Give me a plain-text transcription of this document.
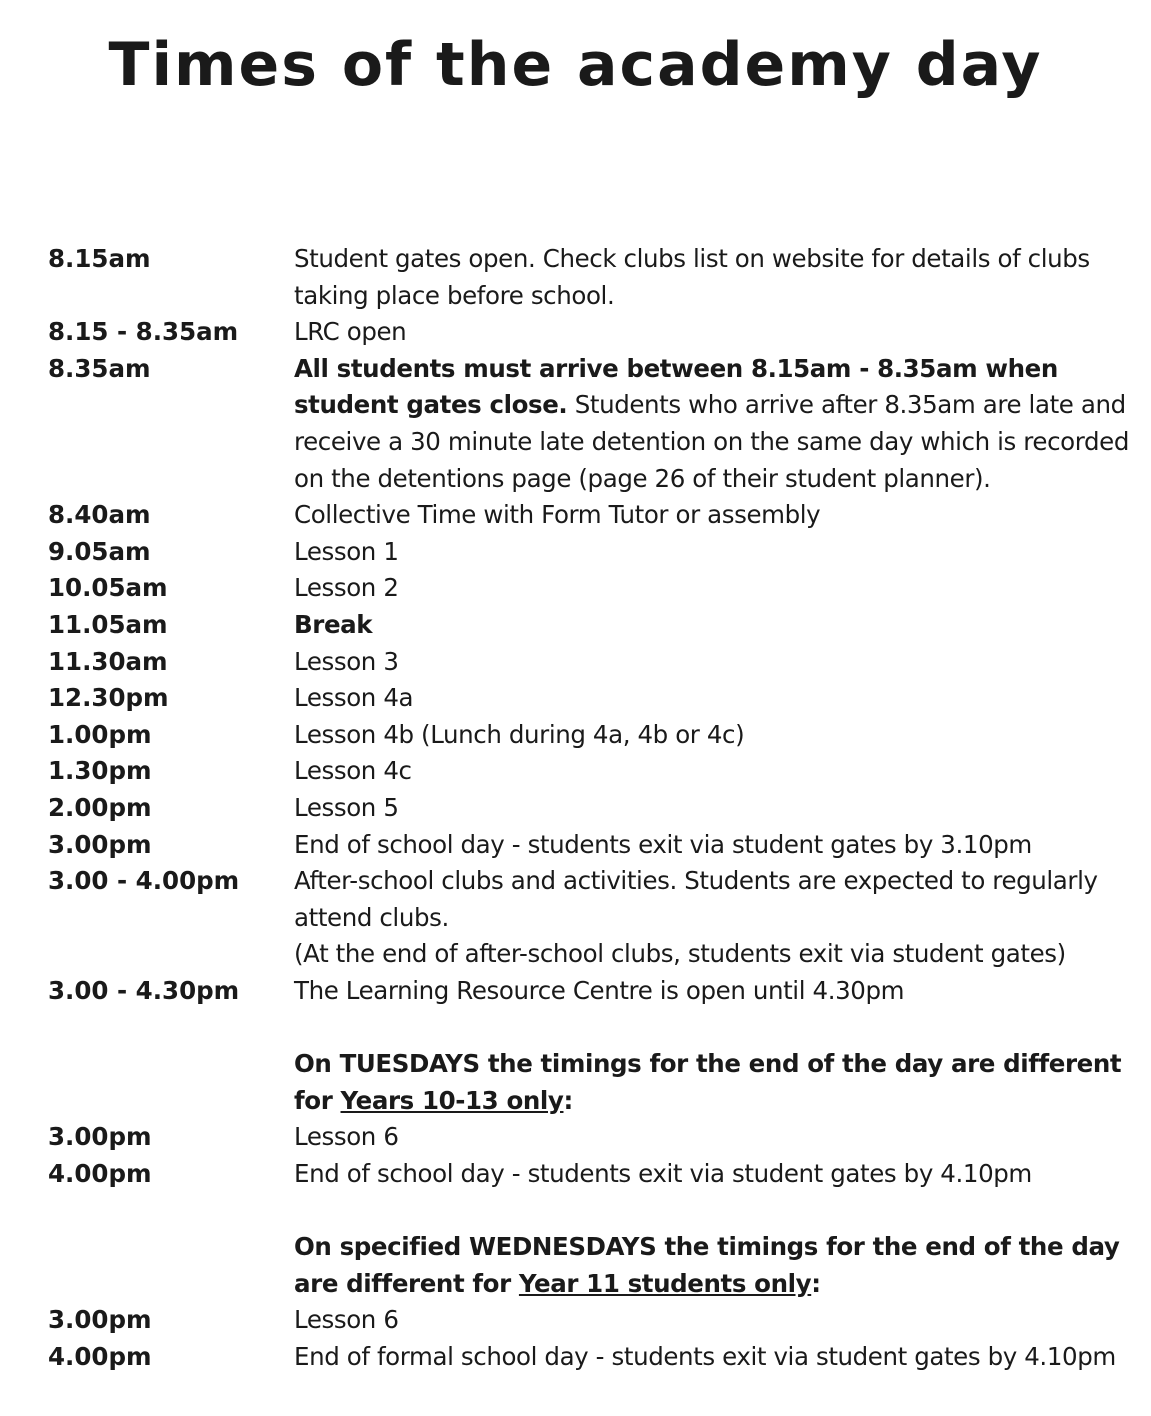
Times of the academy day
8.15am	Student gates open. Check clubs list on website for details of clubs taking place before school.
8.15 - 8.35am	LRC open
8.35am	All students must arrive between 8.15am - 8.35am when student gates close. Students who arrive after 8.35am are late and receive a 30 minute late detention on the same day which is recorded on the detentions page (page 26 of their student planner).
8.40am	Collective Time with Form Tutor or assembly
9.05am	Lesson 1
10.05am	Lesson 2
11.05am	Break
11.30am	Lesson 3
12.30pm	Lesson 4a
1.00pm	Lesson 4b (Lunch during 4a, 4b or 4c)
1.30pm	Lesson 4c
2.00pm	Lesson 5
3.00pm	End of school day - students exit via student gates by 3.10pm
3.00 - 4.00pm	After-school clubs and activities. Students are expected to regularly attend clubs.
(At the end of after-school clubs, students exit via student gates)
3.00 - 4.30pm	The Learning Resource Centre is open until 4.30pm
On TUESDAYS the timings for the end of the day are different for Years 10-13 only:
3.00pm	Lesson 6
4.00pm	End of school day - students exit via student gates by 4.10pm
On specified WEDNESDAYS the timings for the end of the day are different for Year 11 students only:
3.00pm	Lesson 6
4.00pm	End of formal school day - students exit via student gates by 4.10pm
